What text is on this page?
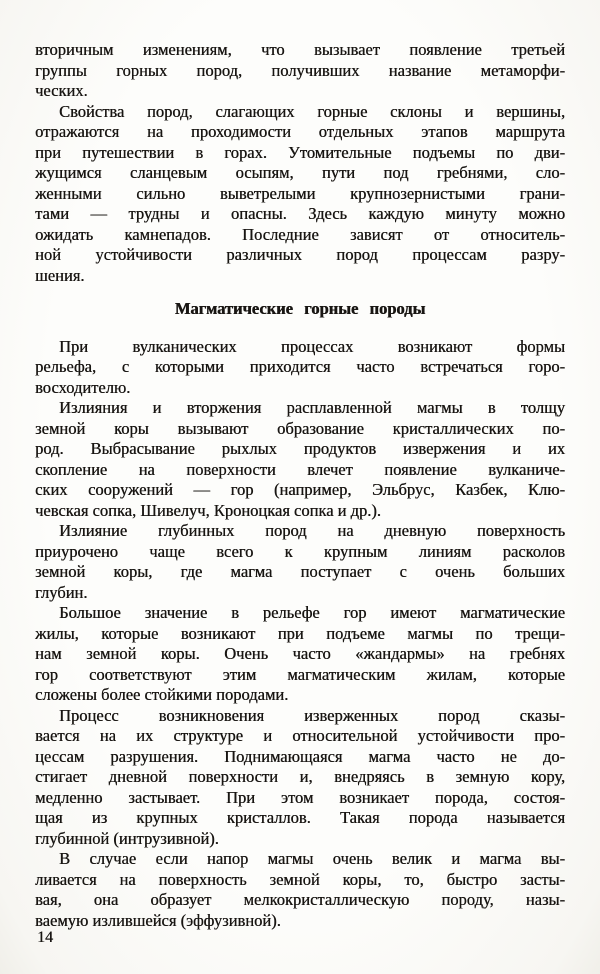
вторичным изменениям, что вызывает появление третьей
группы горных пород, получивших название метаморфи-
ческих.
Свойства пород, слагающих горные склоны и вершины,
отражаются на проходимости отдельных этапов маршрута
при путешествии в горах. Утомительные подъемы по дви-
жущимся сланцевым осыпям, пути под гребнями, сло-
женными сильно выветрелыми крупнозернистыми грани-
тами — трудны и опасны. Здесь каждую минуту можно
ожидать камнепадов. Последние зависят от относитель-
ной устойчивости различных пород процессам разру-
шения.
Магматические горные породы
При вулканических процессах возникают формы
рельефа, с которыми приходится часто встречаться горо-
восходителю.
Излияния и вторжения расплавленной магмы в толщу
земной коры вызывают образование кристаллических по-
род. Выбрасывание рыхлых продуктов извержения и их
скопление на поверхности влечет появление вулканиче-
ских сооружений — гор (например, Эльбрус, Казбек, Клю-
чевская сопка, Шивелуч, Кроноцкая сопка и др.).
Излияние глубинных пород на дневную поверхность
приурочено чаще всего к крупным линиям расколов
земной коры, где магма поступает с очень больших
глубин.
Большое значение в рельефе гор имеют магматические
жилы, которые возникают при подъеме магмы по трещи-
нам земной коры. Очень часто «жандармы» на гребнях
гор соответствуют этим магматическим жилам, которые
сложены более стойкими породами.
Процесс возникновения изверженных пород сказы-
вается на их структуре и относительной устойчивости про-
цессам разрушения. Поднимающаяся магма часто не до-
стигает дневной поверхности и, внедряясь в земную кору,
медленно застывает. При этом возникает порода, состоя-
щая из крупных кристаллов. Такая порода называется
глубинной (интрузивной).
В случае если напор магмы очень велик и магма вы-
ливается на поверхность земной коры, то, быстро засты-
вая, она образует мелкокристаллическую породу, назы-
ваемую излившейся (эффузивной).
14
